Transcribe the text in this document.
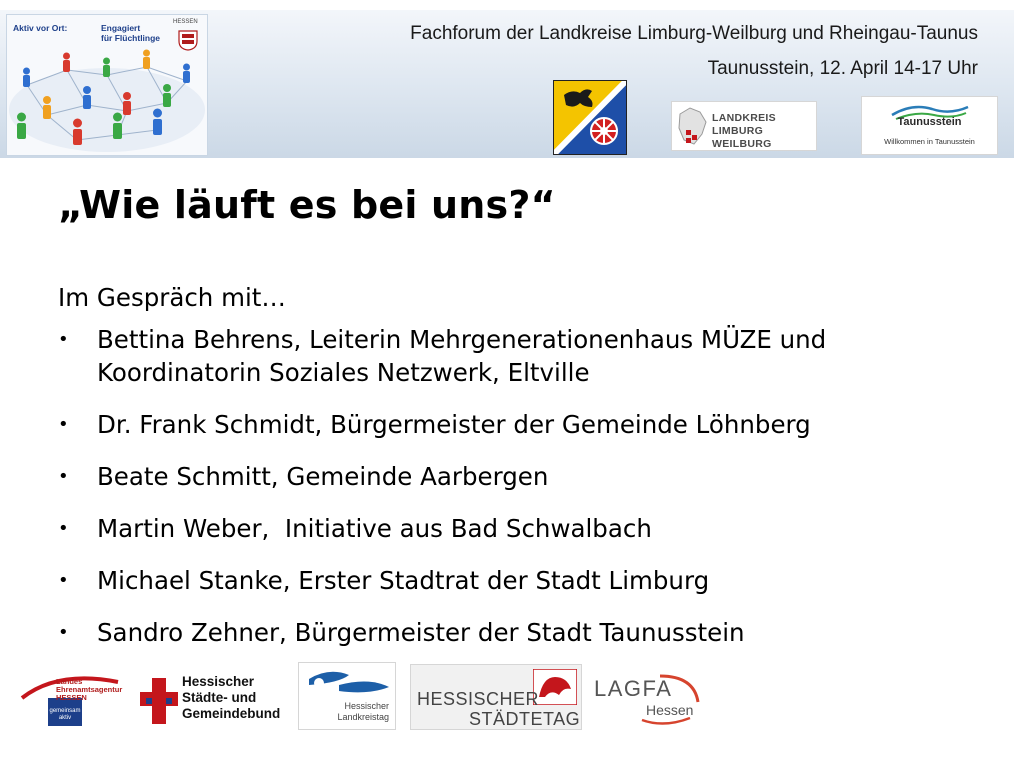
Aktiv vor Ort:	Engagiert
für Flüchtlinge
HESSEN
Fachforum der Landkreise Limburg-Weilburg und Rheingau-Taunus
Taunusstein, 12. April 14-17 Uhr
LANDKREIS
LIMBURG WEILBURG
Taunusstein
Willkommen in Taunusstein
„Wie läuft es bei uns?“
Im Gespräch mit…
• Bettina Behrens, Leiterin Mehrgenerationenhaus MÜZE und Koordinatorin Soziales Netzwerk, Eltville
• Dr. Frank Schmidt, Bürgermeister der Gemeinde Löhnberg
• Beate Schmitt, Gemeinde Aarbergen
• Martin Weber,  Initiative aus Bad Schwalbach
• Michael Stanke, Erster Stadtrat der Stadt Limburg
• Sandro Zehner, Bürgermeister der Stadt Taunusstein
Landes
Ehrenamtsagentur
HESSEN
gemeinsam aktiv
Hessischer
Städte- und
Gemeindebund	Hessischer
Landkreistag
HESSISCHER
STÄDTETAG
LAGFA
Hessen
